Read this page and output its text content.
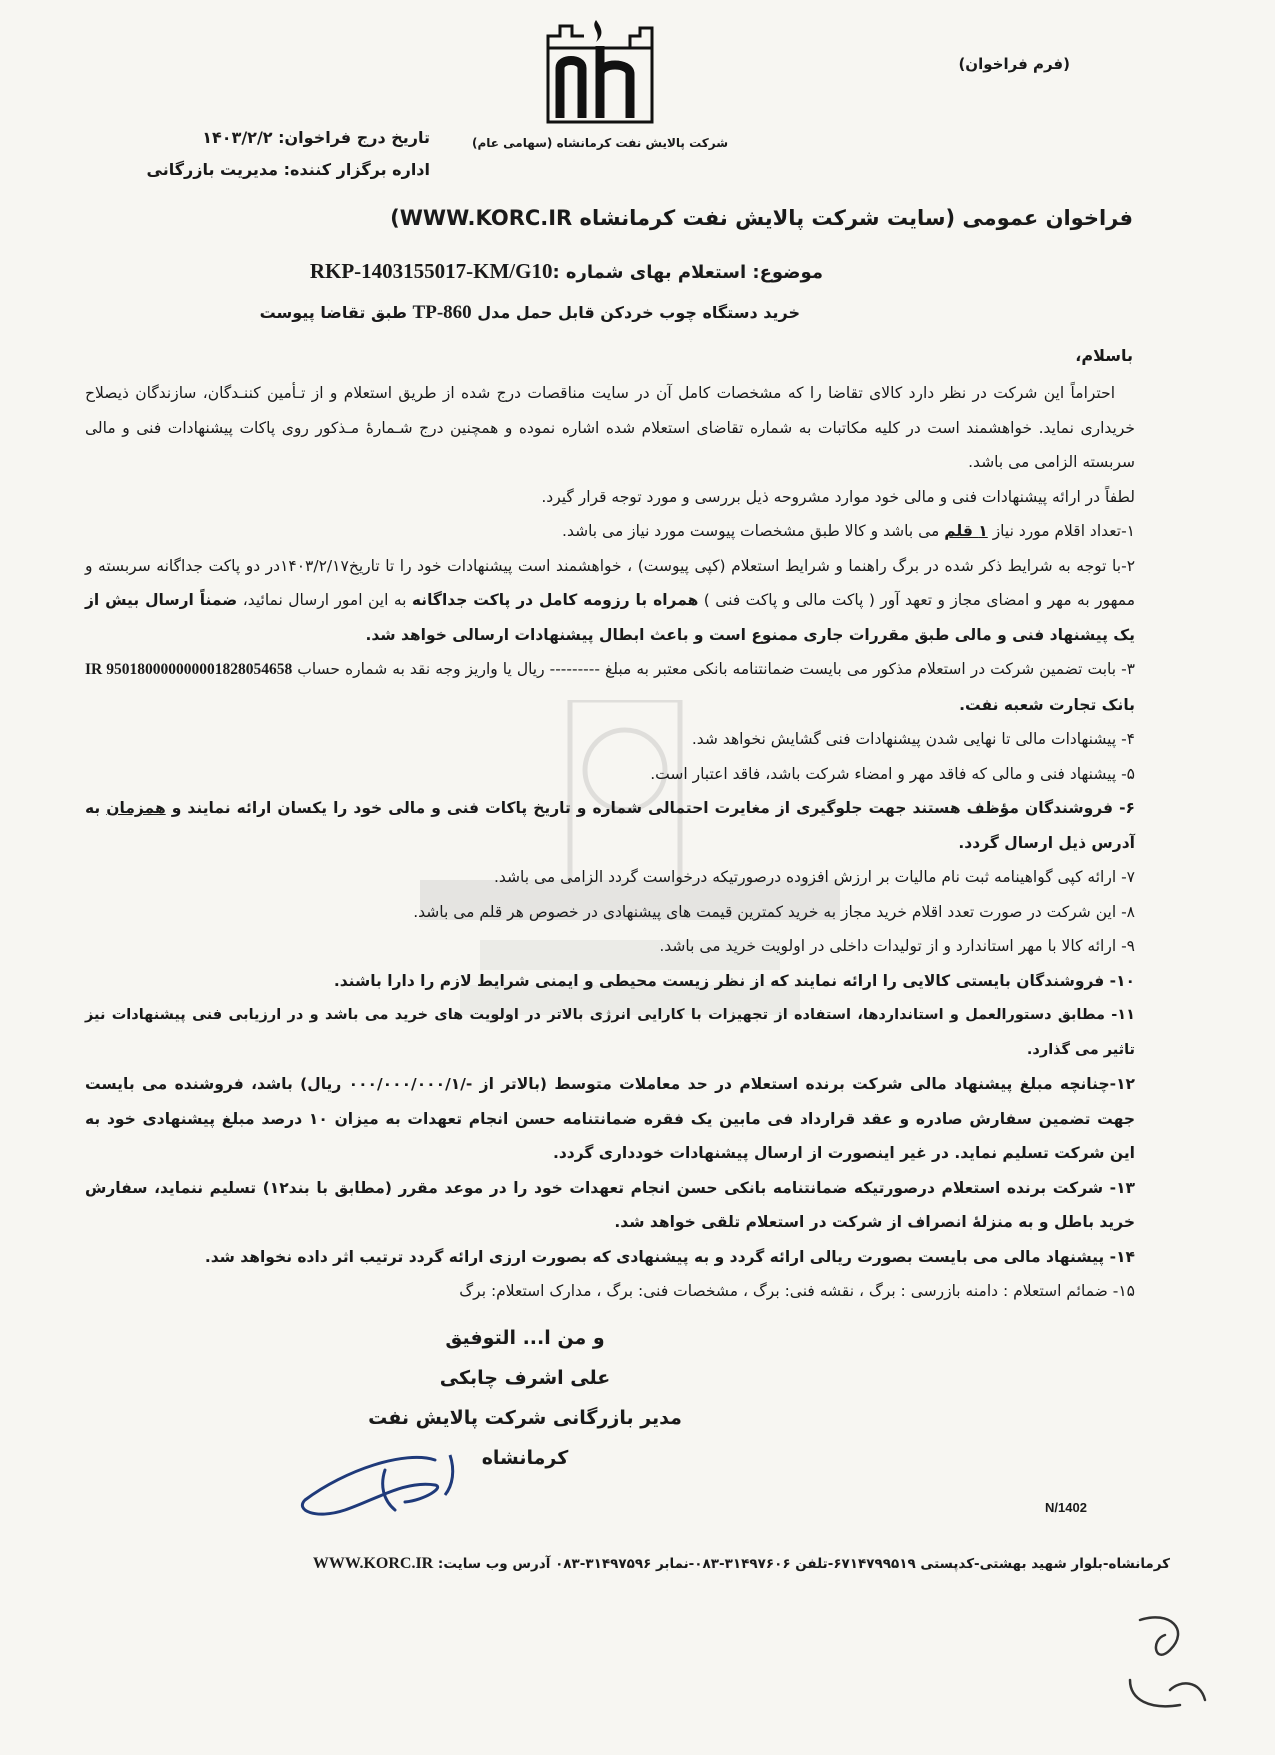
شرکت پالایش نفت کرمانشاه (سهامی عام)
(فرم فراخوان)
تاریخ درج فراخوان: ۱۴۰۳/۲/۲
اداره برگزار کننده: مدیریت بازرگانی
فراخوان عمومی (سایت شرکت پالایش نفت کرمانشاه WWW.KORC.IR)
موضوع: استعلام بهای شماره :RKP-1403155017-KM/G10
خرید دستگاه چوب خردکن قابل حمل مدل TP-860 طبق تقاضا پیوست
باسلام،

احتراماً این شرکت در نظر دارد کالای تقاضا را که مشخصات کامل آن در سایت مناقصات درج شده از طریق استعلام و از تـأمین کننـدگان، سازندگان ذیصلاح خریداری نماید. خواهشمند است در کلیه مکاتبات به شماره تقاضای استعلام شده اشاره نموده و همچنین درج شـمارهٔ مـذکور روی پاکات پیشنهادات فنی و مالی سربسته الزامی می باشد.

لطفاً در ارائه پیشنهادات فنی و مالی خود موارد مشروحه ذیل بررسی و مورد توجه قرار گیرد.

۱-تعداد اقلام مورد نیاز ۱ قلم می باشد و کالا طبق مشخصات پیوست مورد نیاز می باشد.

۲-با توجه به شرایط ذکر شده در برگ راهنما و شرایط استعلام (کپی پیوست) ، خواهشمند است پیشنهادات خود را تا تاریخ۱۴۰۳/۲/۱۷در دو پاکت جداگانه سربسته و ممهور به مهر و امضای مجاز و تعهد آور ( پاکت مالی و پاکت فنی ) همراه با رزومه کامل در پاکت جداگانه به این امور ارسال نمائید، ضمناً ارسال بیش از یک پیشنهاد فنی و مالی طبق مقررات جاری ممنوع است و باعث ابطال پیشنهادات ارسالی خواهد شد.

۳- بابت تضمین شرکت در استعلام مذکور می بایست ضمانتنامه بانکی معتبر به مبلغ --------- ریال یا واریز وجه نقد به شماره حساب IR 950180000000001828054658 بانک تجارت شعبه نفت.

۴- پیشنهادات مالی تا نهایی شدن پیشنهادات فنی گشایش نخواهد شد.

۵- پیشنهاد فنی و مالی که فاقد مهر و امضاء شرکت باشد، فاقد اعتبار است.

۶- فروشندگان مؤظف هستند جهت جلوگیری از مغایرت احتمالی شماره و تاریخ پاکات فنی و مالی خود را یکسان ارائه نمایند و همزمان به آدرس ذیل ارسال گردد.

۷- ارائه کپی گواهینامه ثبت نام مالیات بر ارزش افزوده درصورتیکه درخواست گردد الزامی می باشد.

۸- این شرکت در صورت تعدد اقلام خرید مجاز به خرید کمترین قیمت های پیشنهادی در خصوص هر قلم می باشد.

۹- ارائه کالا با مهر استاندارد و از تولیدات داخلی در اولویت خرید می باشد.

۱۰- فروشندگان بایستی کالایی را ارائه نمایند که از نظر زیست محیطی و ایمنی شرایط لازم را دارا باشند.

۱۱- مطابق دستورالعمل و استانداردها، استفاده از تجهیزات با کارایی انرژی بالاتر در اولویت های خرید می باشد و در ارزیابی فنی پیشنهادات نیز تاثیر می گذارد.

۱۲-چنانچه مبلغ پیشنهاد مالی شرکت برنده استعلام در حد معاملات متوسط (بالاتر از -/۰۰۰/۰۰۰/۰۰۰/۱ ریال) باشد، فروشنده می بایست جهت تضمین سفارش صادره و عقد قرارداد فی مابین یک فقره ضمانتنامه حسن انجام تعهدات به میزان ۱۰ درصد مبلغ پیشنهادی خود به این شرکت تسلیم نماید. در غیر اینصورت از ارسال پیشنهادات خودداری گردد.

۱۳- شرکت برنده استعلام درصورتیکه ضمانتنامه بانکی حسن انجام تعهدات خود را در موعد مقرر (مطابق با بند۱۲) تسلیم ننماید، سفارش خرید باطل و به منزلهٔ انصراف از شرکت در استعلام تلقی خواهد شد.

۱۴- پیشنهاد مالی می بایست بصورت ریالی ارائه گردد و به پیشنهادی که بصورت ارزی ارائه گردد ترتیب اثر داده نخواهد شد.

۱۵- ضمائم استعلام : دامنه بازرسی : برگ ، نقشه فنی: برگ ، مشخصات فنی: برگ ، مدارک استعلام: برگ

و من ا... التوفیق
علی اشرف چابکی
مدیر بازرگانی شرکت پالایش نفت کرمانشاه
N/1402
کرمانشاه-بلوار شهید بهشتی-کدپستی ۶۷۱۴۷۹۹۵۱۹-تلفن ۳۱۴۹۷۶۰۶-۰۸۳-نمابر ۳۱۴۹۷۵۹۶-۰۸۳ آدرس وب سایت: WWW.KORC.IR
